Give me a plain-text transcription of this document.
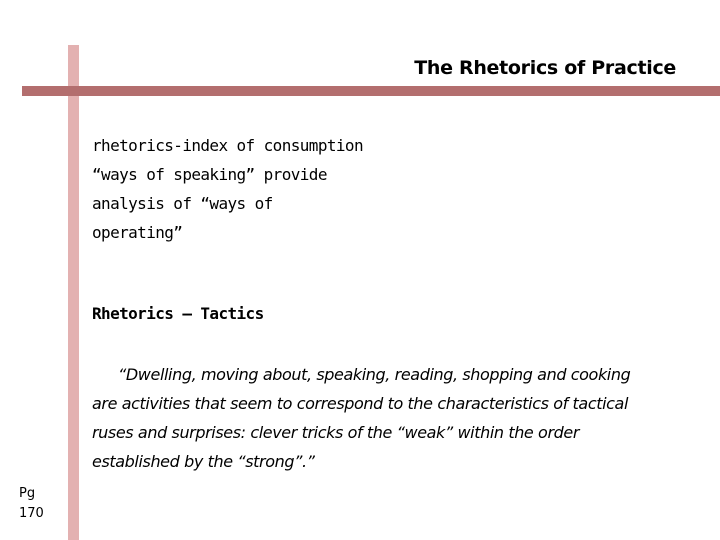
The Rhetorics of Practice
rhetorics-index of consumption
“ways of speaking” provide
analysis of “ways of
operating”
Rhetorics – Tactics
“Dwelling, moving about, speaking, reading, shopping and cooking are activities that seem to correspond to the characteristics of tactical ruses and surprises: clever tricks of the “weak” within the order established by the “strong”.”
Pg
170
